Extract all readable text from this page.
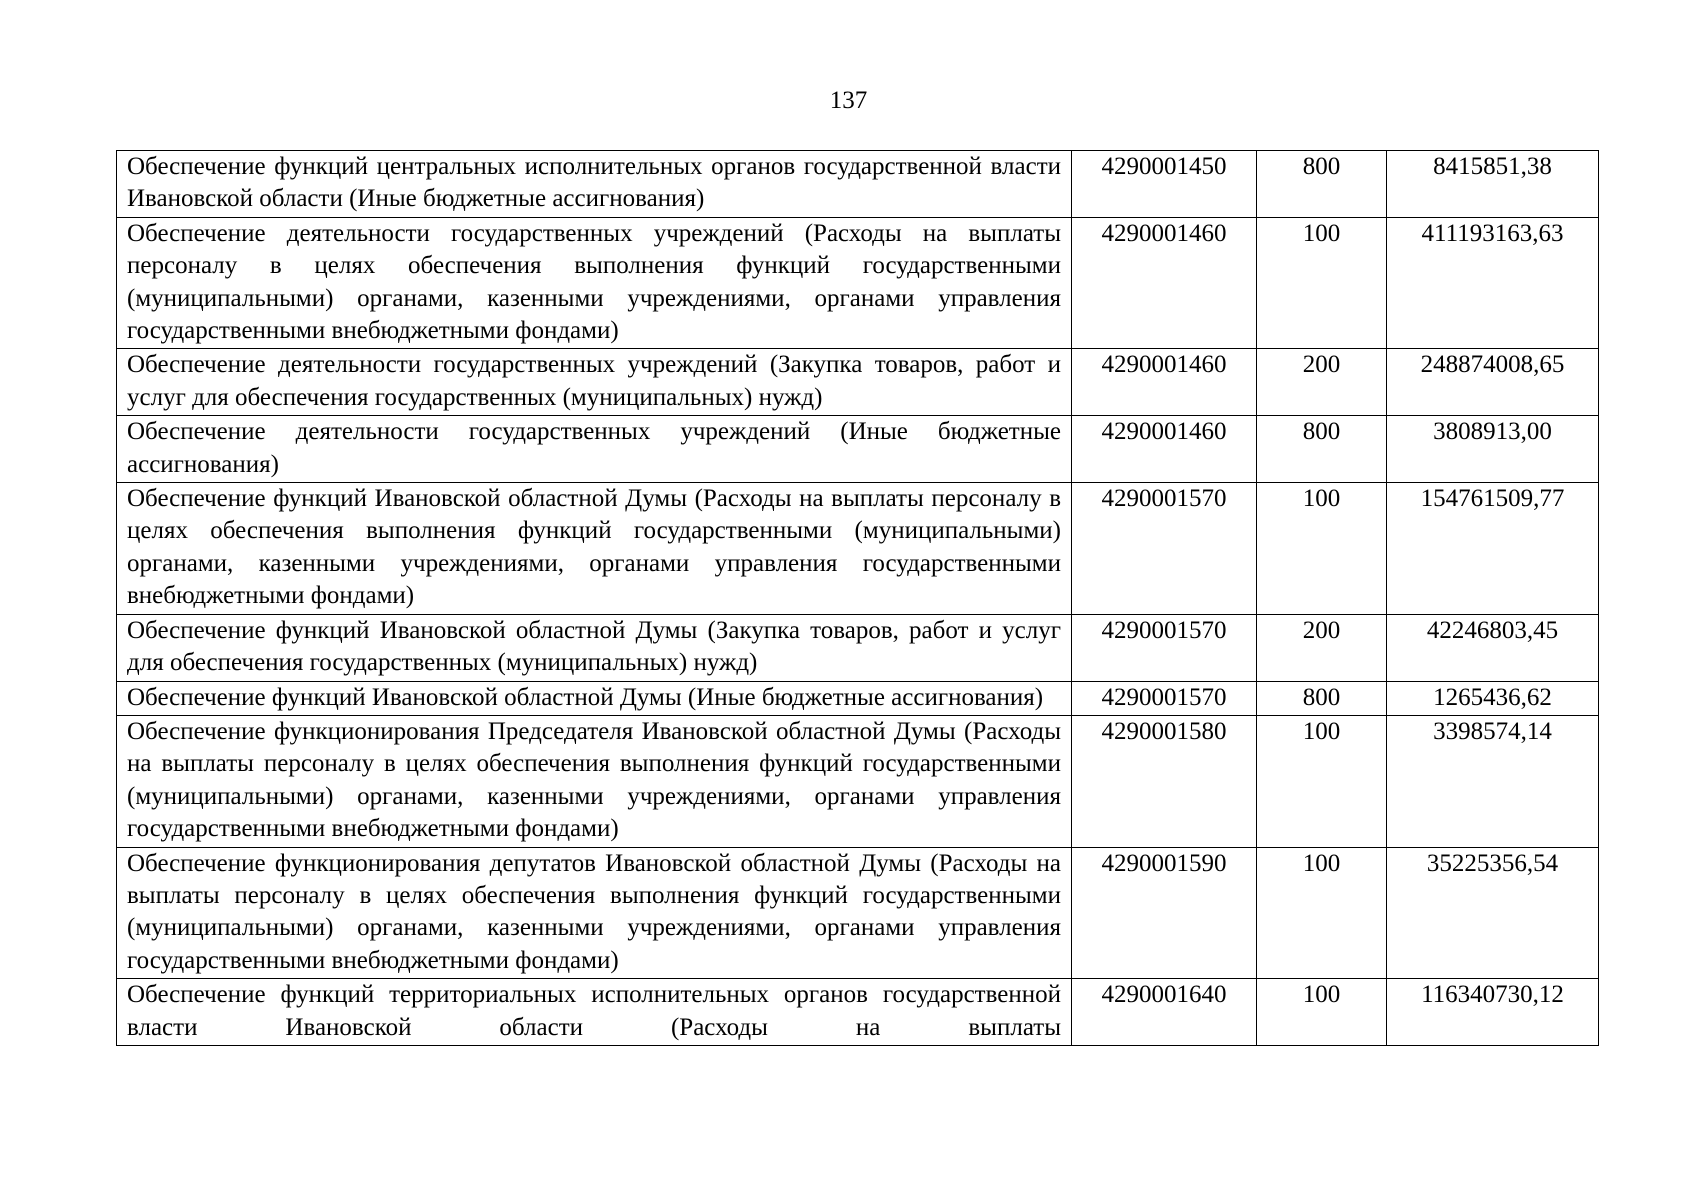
137
Обеспечение функций центральных исполнительных органов государственной власти Ивановской области (Иные бюджетные ассигнования)	4290001450	800	8415851,38
Обеспечение деятельности государственных учреждений (Расходы на выплаты персоналу в целях обеспечения выполнения функций государственными (муниципальными) органами, казенными учреждениями, органами управления государственными внебюджетными фондами)	4290001460	100	411193163,63
Обеспечение деятельности государственных учреждений (Закупка товаров, работ и услуг для обеспечения государственных (муниципальных) нужд)	4290001460	200	248874008,65
Обеспечение деятельности государственных учреждений (Иные бюджетные ассигнования)	4290001460	800	3808913,00
Обеспечение функций Ивановской областной Думы (Расходы на выплаты персоналу в целях обеспечения выполнения функций государственными (муниципальными) органами, казенными учреждениями, органами управления государственными внебюджетными фондами)	4290001570	100	154761509,77
Обеспечение функций Ивановской областной Думы (Закупка товаров, работ и услуг для обеспечения государственных (муниципальных) нужд)	4290001570	200	42246803,45
Обеспечение функций Ивановской областной Думы (Иные бюджетные ассигнования)	4290001570	800	1265436,62
Обеспечение функционирования Председателя Ивановской областной Думы (Расходы на выплаты персоналу в целях обеспечения выполнения функций государственными (муниципальными) органами, казенными учреждениями, органами управления государственными внебюджетными фондами)	4290001580	100	3398574,14
Обеспечение функционирования депутатов Ивановской областной Думы (Расходы на выплаты персоналу в целях обеспечения выполнения функций государственными (муниципальными) органами, казенными учреждениями, органами управления государственными внебюджетными фондами)	4290001590	100	35225356,54
Обеспечение функций территориальных исполнительных органов государственной власти Ивановской области (Расходы на выплаты	4290001640	100	116340730,12
